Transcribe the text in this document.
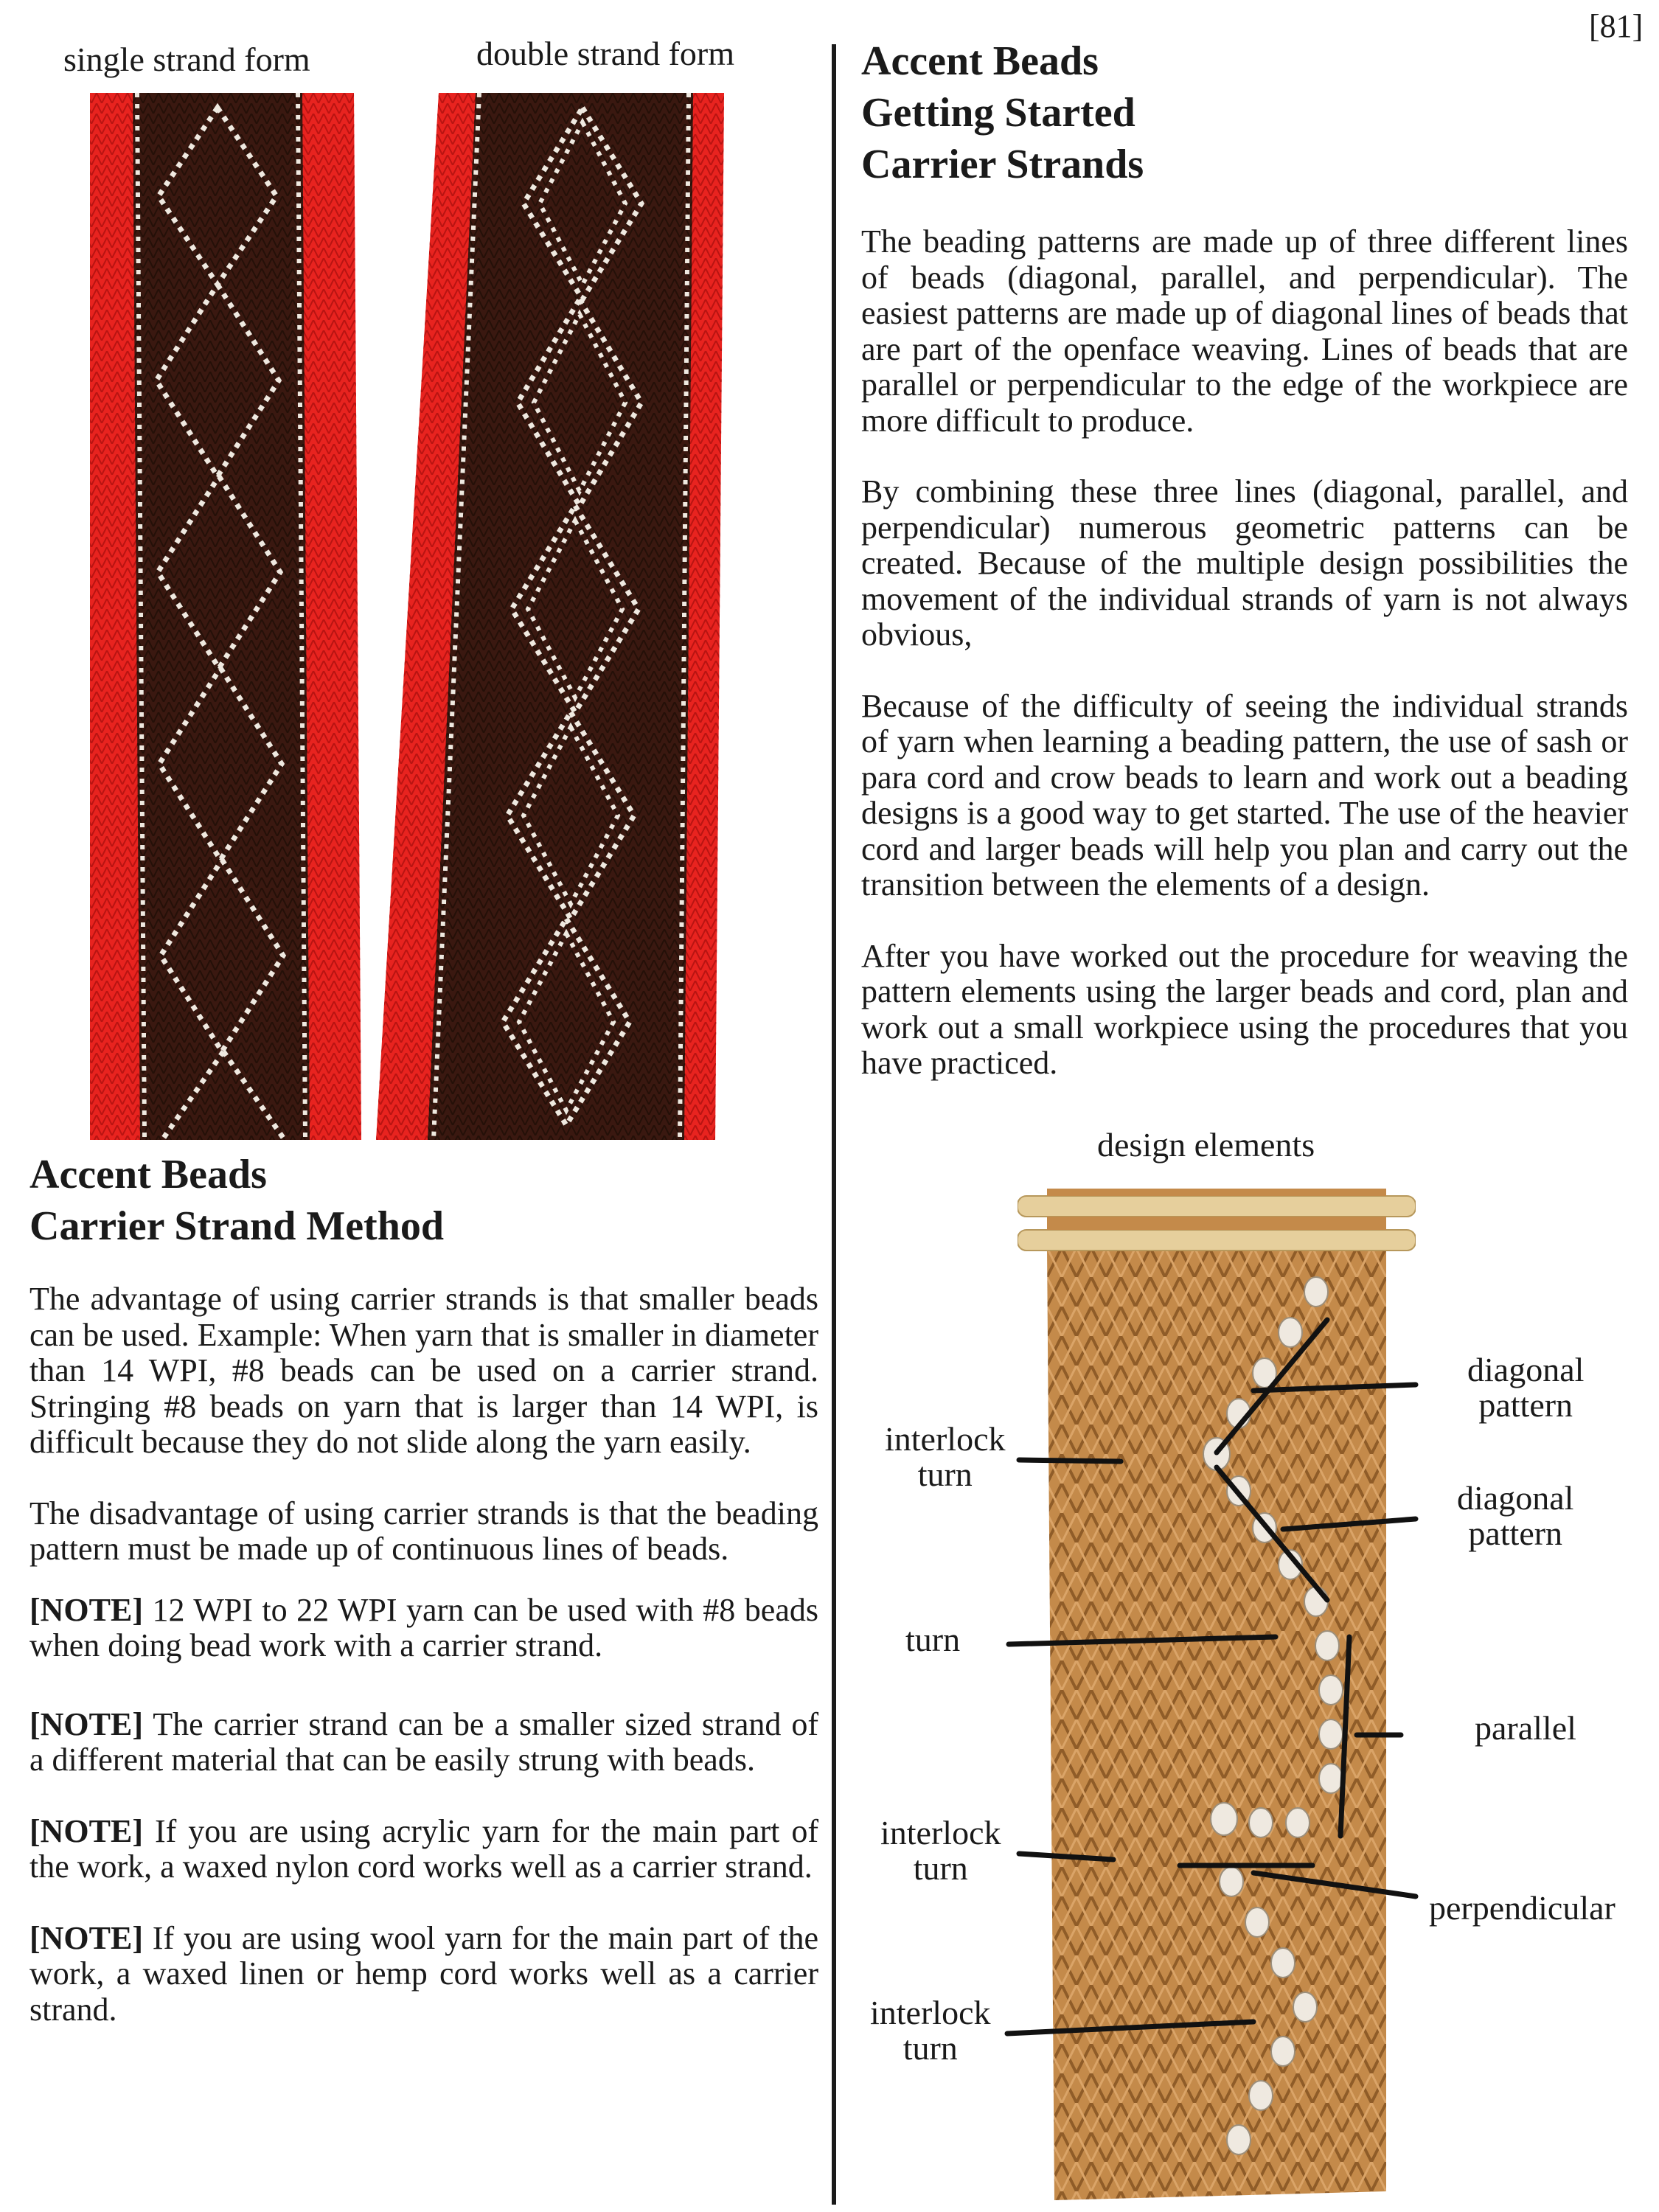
[81]
single strand form	double strand form
Accent Beads
Carrier Strand Method

The advantage of using carrier strands is that smaller beads can be used. Example: When yarn that is smaller in diameter than 14 WPI, #8 beads can be used on a carrier strand. Stringing #8 beads on yarn that is larger than 14 WPI, is difficult because they do not slide along the yarn easily.

The disadvantage of using carrier strands is that the beading pattern must be made up of continuous lines of beads.

[NOTE] 12 WPI to 22 WPI yarn can be used with #8 beads when doing bead work with a carrier strand.

[NOTE] The carrier strand can be a smaller sized strand of a different material that can be easily strung with beads.

[NOTE] If you are using acrylic yarn for the main part of the work, a waxed nylon cord works well as a carrier strand.

[NOTE] If you are using wool yarn for the main part of the work, a waxed linen or hemp cord works well as a carrier strand.

Accent Beads
Getting Started
Carrier Strands

The beading patterns are made up of three different lines of beads (diagonal, parallel, and perpendicular). The easiest patterns are made up of diagonal lines of beads that are part of the openface weaving. Lines of beads that are parallel or perpendicular to the edge of the workpiece are more difficult to produce.

By combining these three lines (diagonal, parallel, and perpendicular) numerous geometric patterns can be created. Because of the multiple design possibilities the movement of the individual strands of yarn is not always obvious,

Because of the difficulty of seeing the individual strands of yarn when learning a beading pattern, the use of sash or para cord and crow beads to learn and work out a beading designs is a good way to get started. The use of the heavier cord and larger beads will help you plan and carry out the transition between the elements of a design.

After you have worked out the procedure for weaving the pattern elements using the larger beads and cord, plan and work out a small workpiece using the procedures that you have practiced.

design elements
interlock
turn
turn
interlock
turn
interlock
turn
diagonal
pattern
diagonal
pattern
parallel
perpendicular
